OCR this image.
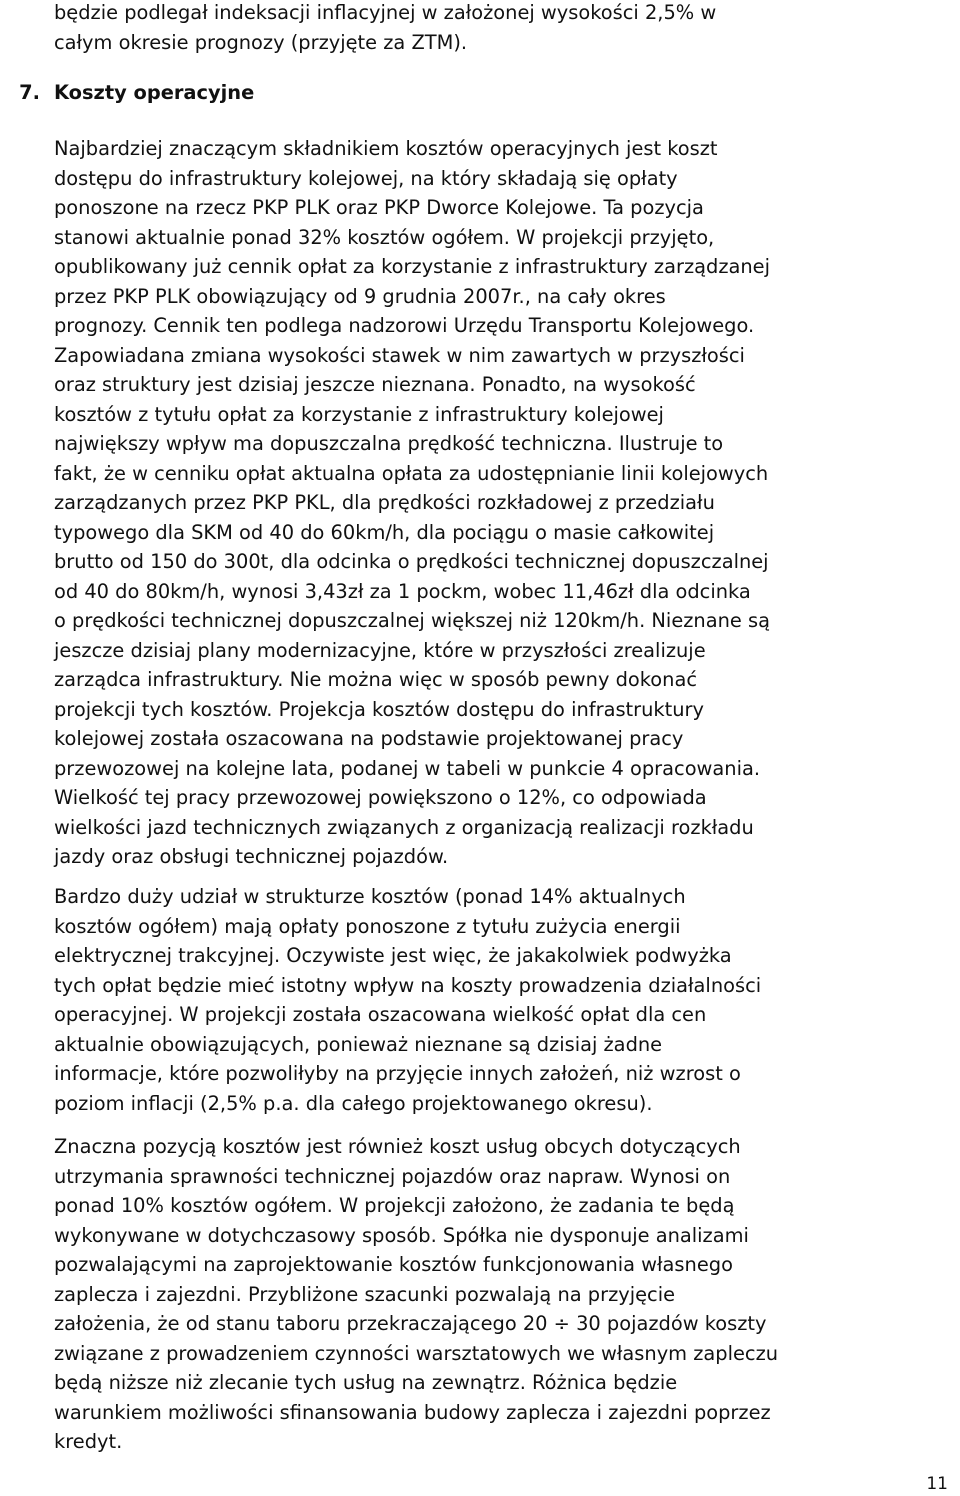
będzie podlegał indeksacji inflacyjnej w założonej wysokości 2,5% w
całym okresie prognozy (przyjęte za ZTM).

7. Koszty operacyjne

Najbardziej znaczącym składnikiem kosztów operacyjnych jest koszt
dostępu do infrastruktury kolejowej, na który składają się opłaty
ponoszone na rzecz PKP PLK oraz PKP Dworce Kolejowe. Ta pozycja
stanowi aktualnie ponad 32% kosztów ogółem. W projekcji przyjęto,
opublikowany już cennik opłat za korzystanie z infrastruktury zarządzanej
przez PKP PLK obowiązujący od 9 grudnia 2007r., na cały okres
prognozy. Cennik ten podlega nadzorowi Urzędu Transportu Kolejowego.
Zapowiadana zmiana wysokości stawek w nim zawartych w przyszłości
oraz struktury jest dzisiaj jeszcze nieznana. Ponadto, na wysokość
kosztów z tytułu opłat za korzystanie z infrastruktury kolejowej
największy wpływ ma dopuszczalna prędkość techniczna. Ilustruje to
fakt, że w cenniku opłat aktualna opłata za udostępnianie linii kolejowych
zarządzanych przez PKP PKL, dla prędkości rozkładowej z przedziału
typowego dla SKM od 40 do 60km/h, dla pociągu o masie całkowitej
brutto od 150 do 300t, dla odcinka o prędkości technicznej dopuszczalnej
od 40 do 80km/h, wynosi 3,43zł za 1 pockm, wobec 11,46zł dla odcinka
o prędkości technicznej dopuszczalnej większej niż 120km/h. Nieznane są
jeszcze dzisiaj plany modernizacyjne, które w przyszłości zrealizuje
zarządca infrastruktury. Nie można więc w sposób pewny dokonać
projekcji tych kosztów. Projekcja kosztów dostępu do infrastruktury
kolejowej została oszacowana na podstawie projektowanej pracy
przewozowej na kolejne lata, podanej w tabeli w punkcie 4 opracowania.
Wielkość tej pracy przewozowej powiększono o 12%, co odpowiada
wielkości jazd technicznych związanych z organizacją realizacji rozkładu
jazdy oraz obsługi technicznej pojazdów.

Bardzo duży udział w strukturze kosztów (ponad 14% aktualnych
kosztów ogółem) mają opłaty ponoszone z tytułu zużycia energii
elektrycznej trakcyjnej. Oczywiste jest więc, że jakakolwiek podwyżka
tych opłat będzie mieć istotny wpływ na koszty prowadzenia działalności
operacyjnej. W projekcji została oszacowana wielkość opłat dla cen
aktualnie obowiązujących, ponieważ nieznane są dzisiaj żadne
informacje, które pozwoliłyby na przyjęcie innych założeń, niż wzrost o
poziom inflacji (2,5% p.a. dla całego projektowanego okresu).

Znaczna pozycją kosztów jest również koszt usług obcych dotyczących
utrzymania sprawności technicznej pojazdów oraz napraw. Wynosi on
ponad 10% kosztów ogółem. W projekcji założono, że zadania te będą
wykonywane w dotychczasowy sposób. Spółka nie dysponuje analizami
pozwalającymi na zaprojektowanie kosztów funkcjonowania własnego
zaplecza i zajezdni. Przybliżone szacunki pozwalają na przyjęcie
założenia, że od stanu taboru przekraczającego 20 ÷ 30 pojazdów koszty
związane z prowadzeniem czynności warsztatowych we własnym zapleczu
będą niższe niż zlecanie tych usług na zewnątrz. Różnica będzie
warunkiem możliwości sfinansowania budowy zaplecza i zajezdni poprzez
kredyt.

11
